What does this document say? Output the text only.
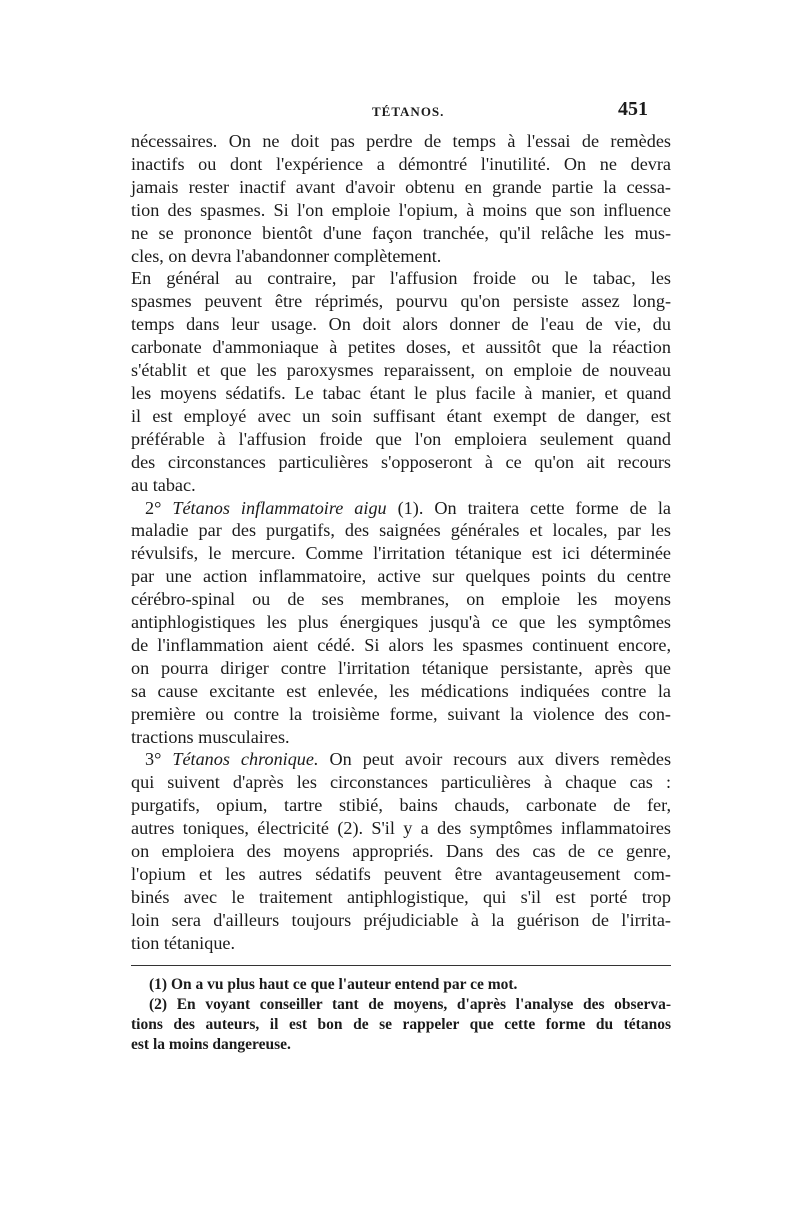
TÉTANOS.	451
nécessaires. On ne doit pas perdre de temps à l'essai de remèdes
inactifs ou dont l'expérience a démontré l'inutilité. On ne devra
jamais rester inactif avant d'avoir obtenu en grande partie la cessa-
tion des spasmes. Si l'on emploie l'opium, à moins que son influence
ne se prononce bientôt d'une façon tranchée, qu'il relâche les mus-
cles, on devra l'abandonner complètement.
En général au contraire, par l'affusion froide ou le tabac, les
spasmes peuvent être réprimés, pourvu qu'on persiste assez long-
temps dans leur usage. On doit alors donner de l'eau de vie, du
carbonate d'ammoniaque à petites doses, et aussitôt que la réaction
s'établit et que les paroxysmes reparaissent, on emploie de nouveau
les moyens sédatifs. Le tabac étant le plus facile à manier, et quand
il est employé avec un soin suffisant étant exempt de danger, est
préférable à l'affusion froide que l'on emploiera seulement quand
des circonstances particulières s'opposeront à ce qu'on ait recours
au tabac.
2° Tétanos inflammatoire aigu (1). On traitera cette forme de la
maladie par des purgatifs, des saignées générales et locales, par les
révulsifs, le mercure. Comme l'irritation tétanique est ici déterminée
par une action inflammatoire, active sur quelques points du centre
cérébro-spinal ou de ses membranes, on emploie les moyens
antiphlogistiques les plus énergiques jusqu'à ce que les symptômes
de l'inflammation aient cédé. Si alors les spasmes continuent encore,
on pourra diriger contre l'irritation tétanique persistante, après que
sa cause excitante est enlevée, les médications indiquées contre la
première ou contre la troisième forme, suivant la violence des con-
tractions musculaires.
3° Tétanos chronique. On peut avoir recours aux divers remèdes
qui suivent d'après les circonstances particulières à chaque cas :
purgatifs, opium, tartre stibié, bains chauds, carbonate de fer,
autres toniques, électricité (2). S'il y a des symptômes inflammatoires
on emploiera des moyens appropriés. Dans des cas de ce genre,
l'opium et les autres sédatifs peuvent être avantageusement com-
binés avec le traitement antiphlogistique, qui s'il est porté trop
loin sera d'ailleurs toujours préjudiciable à la guérison de l'irrita-
tion tétanique.
(1) On a vu plus haut ce que l'auteur entend par ce mot.
(2) En voyant conseiller tant de moyens, d'après l'analyse des observa-
tions des auteurs, il est bon de se rappeler que cette forme du tétanos
est la moins dangereuse.
